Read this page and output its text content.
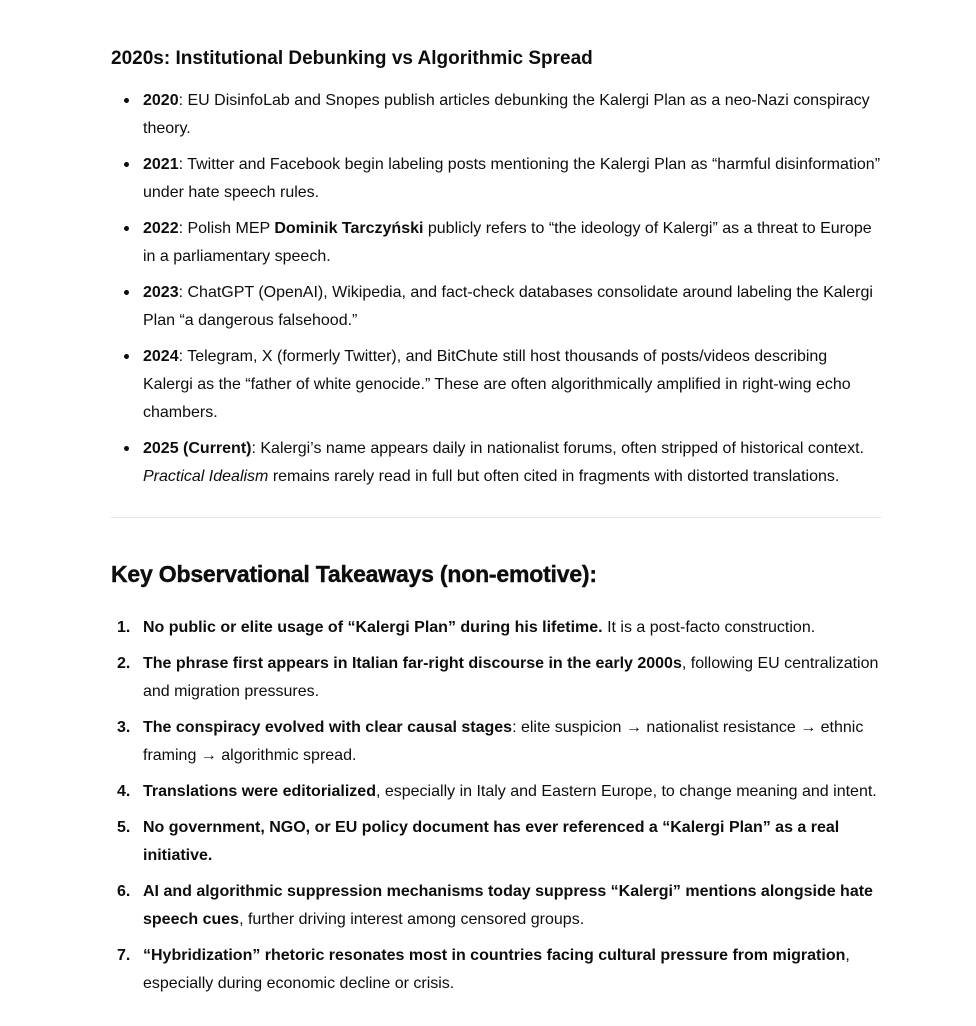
2020s: Institutional Debunking vs Algorithmic Spread
2020: EU DisinfoLab and Snopes publish articles debunking the Kalergi Plan as a neo-Nazi conspiracy theory.
2021: Twitter and Facebook begin labeling posts mentioning the Kalergi Plan as “harmful disinformation” under hate speech rules.
2022: Polish MEP Dominik Tarczyński publicly refers to “the ideology of Kalergi” as a threat to Europe in a parliamentary speech.
2023: ChatGPT (OpenAI), Wikipedia, and fact-check databases consolidate around labeling the Kalergi Plan “a dangerous falsehood.”
2024: Telegram, X (formerly Twitter), and BitChute still host thousands of posts/videos describing Kalergi as the “father of white genocide.” These are often algorithmically amplified in right-wing echo chambers.
2025 (Current): Kalergi’s name appears daily in nationalist forums, often stripped of historical context. Practical Idealism remains rarely read in full but often cited in fragments with distorted translations.
Key Observational Takeaways (non-emotive):
1. No public or elite usage of “Kalergi Plan” during his lifetime. It is a post-facto construction.
2. The phrase first appears in Italian far-right discourse in the early 2000s, following EU centralization and migration pressures.
3. The conspiracy evolved with clear causal stages: elite suspicion → nationalist resistance → ethnic framing → algorithmic spread.
4. Translations were editorialized, especially in Italy and Eastern Europe, to change meaning and intent.
5. No government, NGO, or EU policy document has ever referenced a “Kalergi Plan” as a real initiative.
6. AI and algorithmic suppression mechanisms today suppress “Kalergi” mentions alongside hate speech cues, further driving interest among censored groups.
7. “Hybridization” rhetoric resonates most in countries facing cultural pressure from migration, especially during economic decline or crisis.
